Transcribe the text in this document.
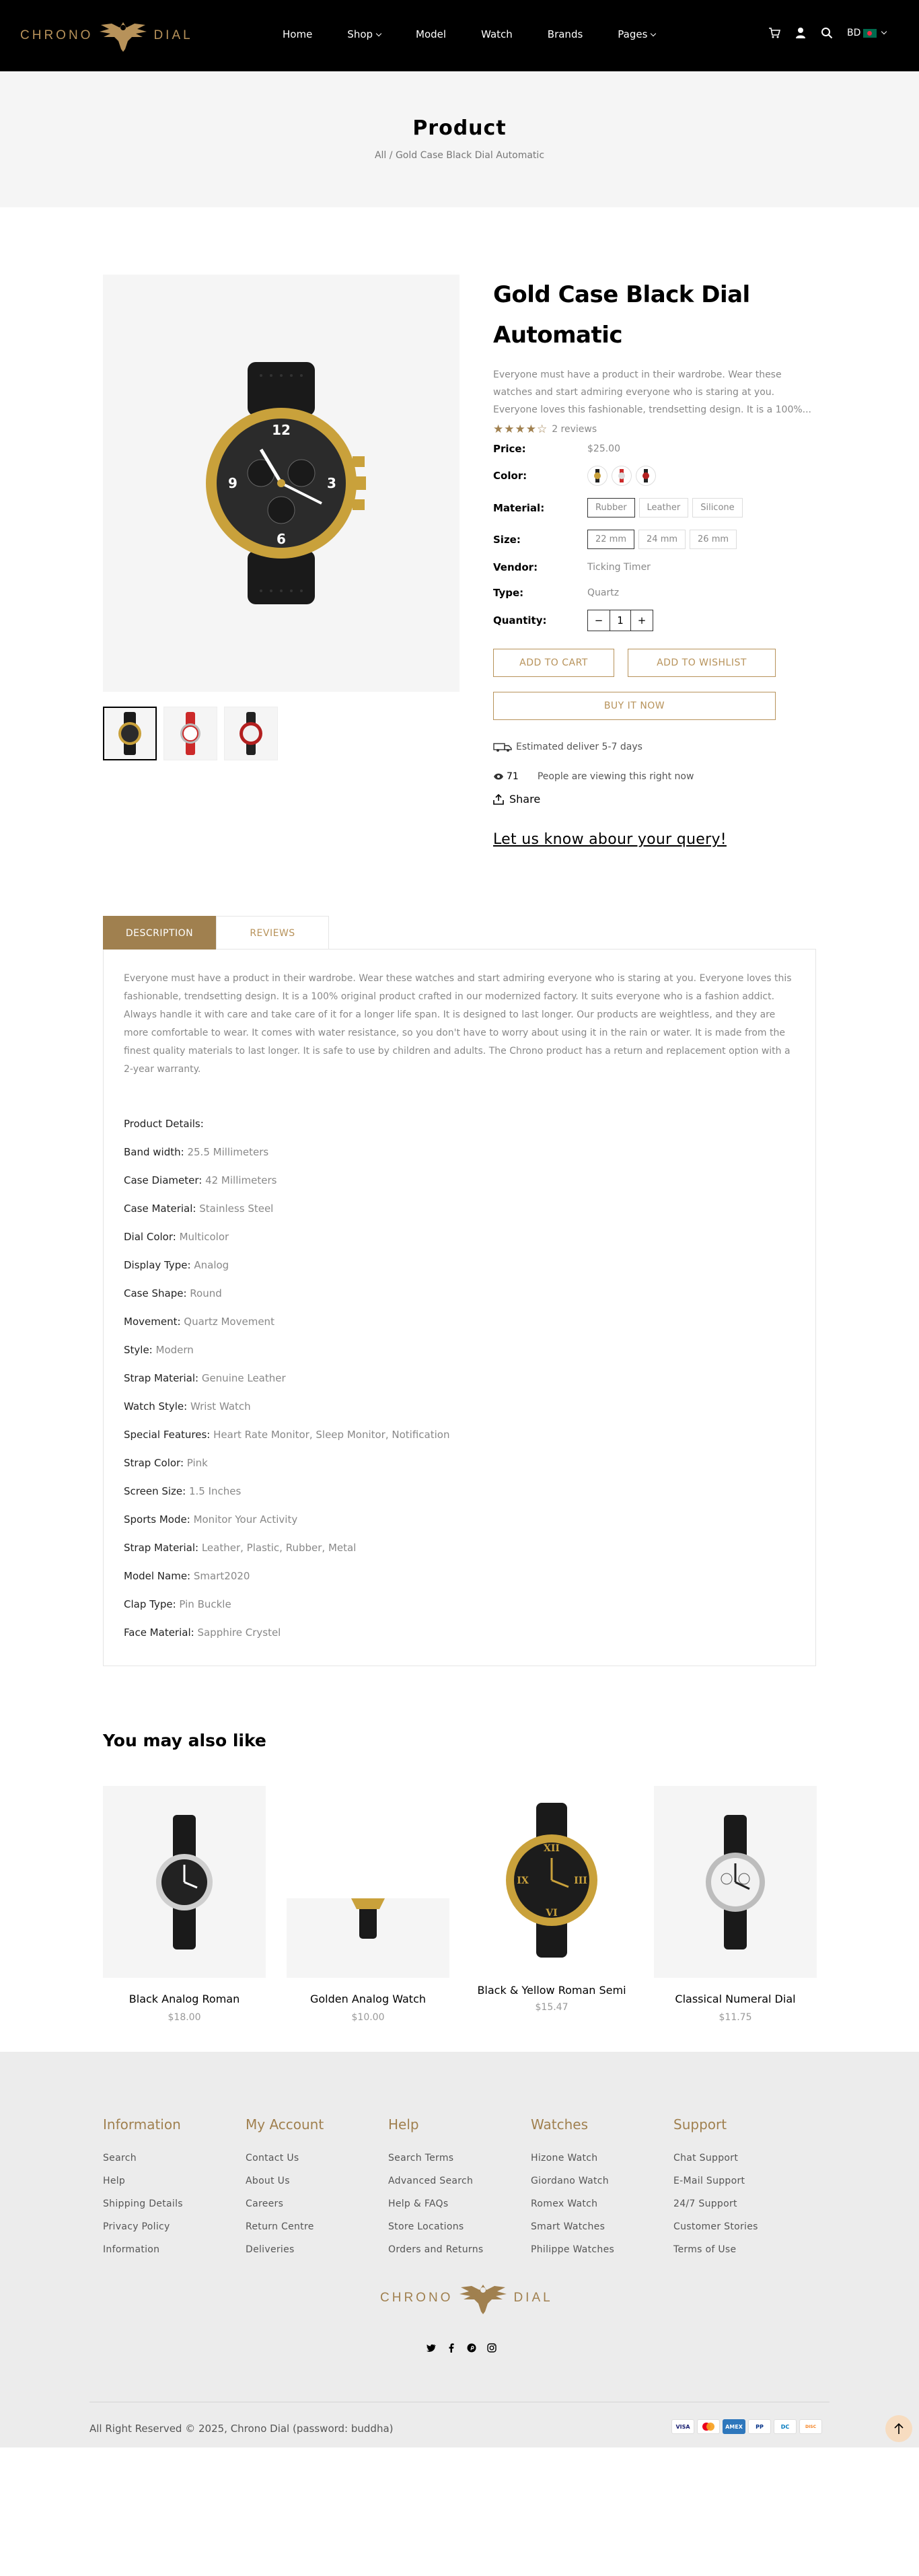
CHRONO	DIAL	Home	Shop	Model	Watch	Brands	Pages	BD
Product
All / Gold Case Black Dial Automatic
12
3
6
9
Gold Case Black Dial Automatic
Everyone must have a product in their wardrobe. Wear these watches and start admiring everyone who is staring at you. Everyone loves this fashionable, trendsetting design. It is a 100%...
★★★★☆ 2 reviews
Price:	$25.00
Color:
Material:	Rubber	Leather	Silicone
Size:	22 mm	24 mm	26 mm
Vendor:	Ticking Timer
Type:	Quartz
Quantity:	−	1	+
ADD TO CART	ADD TO WISHLIST
BUY IT NOW
Estimated deliver 5-7 days
71 People are viewing this right now
Share
Let us know abour your query!
DESCRIPTION	REVIEWS
Everyone must have a product in their wardrobe. Wear these watches and start admiring everyone who is staring at you. Everyone loves this fashionable, trendsetting design. It is a 100% original product crafted in our modernized factory. It suits everyone who is a fashion addict. Always handle it with care and take care of it for a longer life span. It is designed to last longer. Our products are weightless, and they are more comfortable to wear. It comes with water resistance, so you don't have to worry about using it in the rain or water. It is made from the finest quality materials to last longer. It is safe to use by children and adults. The Chrono product has a return and replacement option with a 2-year warranty.
Product Details:
Band width: 25.5 Millimeters
Case Diameter: 42 Millimeters
Case Material: Stainless Steel
Dial Color: Multicolor
Display Type: Analog
Case Shape: Round
Movement: Quartz Movement
Style: Modern
Strap Material: Genuine Leather
Watch Style: Wrist Watch
Special Features: Heart Rate Monitor, Sleep Monitor, Notification
Strap Color: Pink
Screen Size: 1.5 Inches
Sports Mode: Monitor Your Activity
Strap Material: Leather, Plastic, Rubber, Metal
Model Name: Smart2020
Clap Type: Pin Buckle
Face Material: Sapphire Crystel
You may also like
Black Analog Roman
$18.00
Golden Analog Watch
$10.00
XII
III
VI
IX
Black & Yellow Roman Semi
$15.47
Classical Numeral Dial
$11.75
Information

Search

Help

Shipping Details

Privacy Policy

Information

My Account

Contact Us

About Us

Careers

Return Centre

Deliveries

Help

Search Terms

Advanced Search

Help & FAQs

Store Locations

Orders and Returns

Watches

Hizone Watch

Giordano Watch

Romex Watch

Smart Watches

Philippe Watches

Support

Chat Support

E-Mail Support

24/7 Support

Customer Stories

Terms of Use

CHRONO	DIAL
All Right Reserved © 2025, Chrono Dial (password: buddha)	VISA	AMEX	PP	DC	DISC
